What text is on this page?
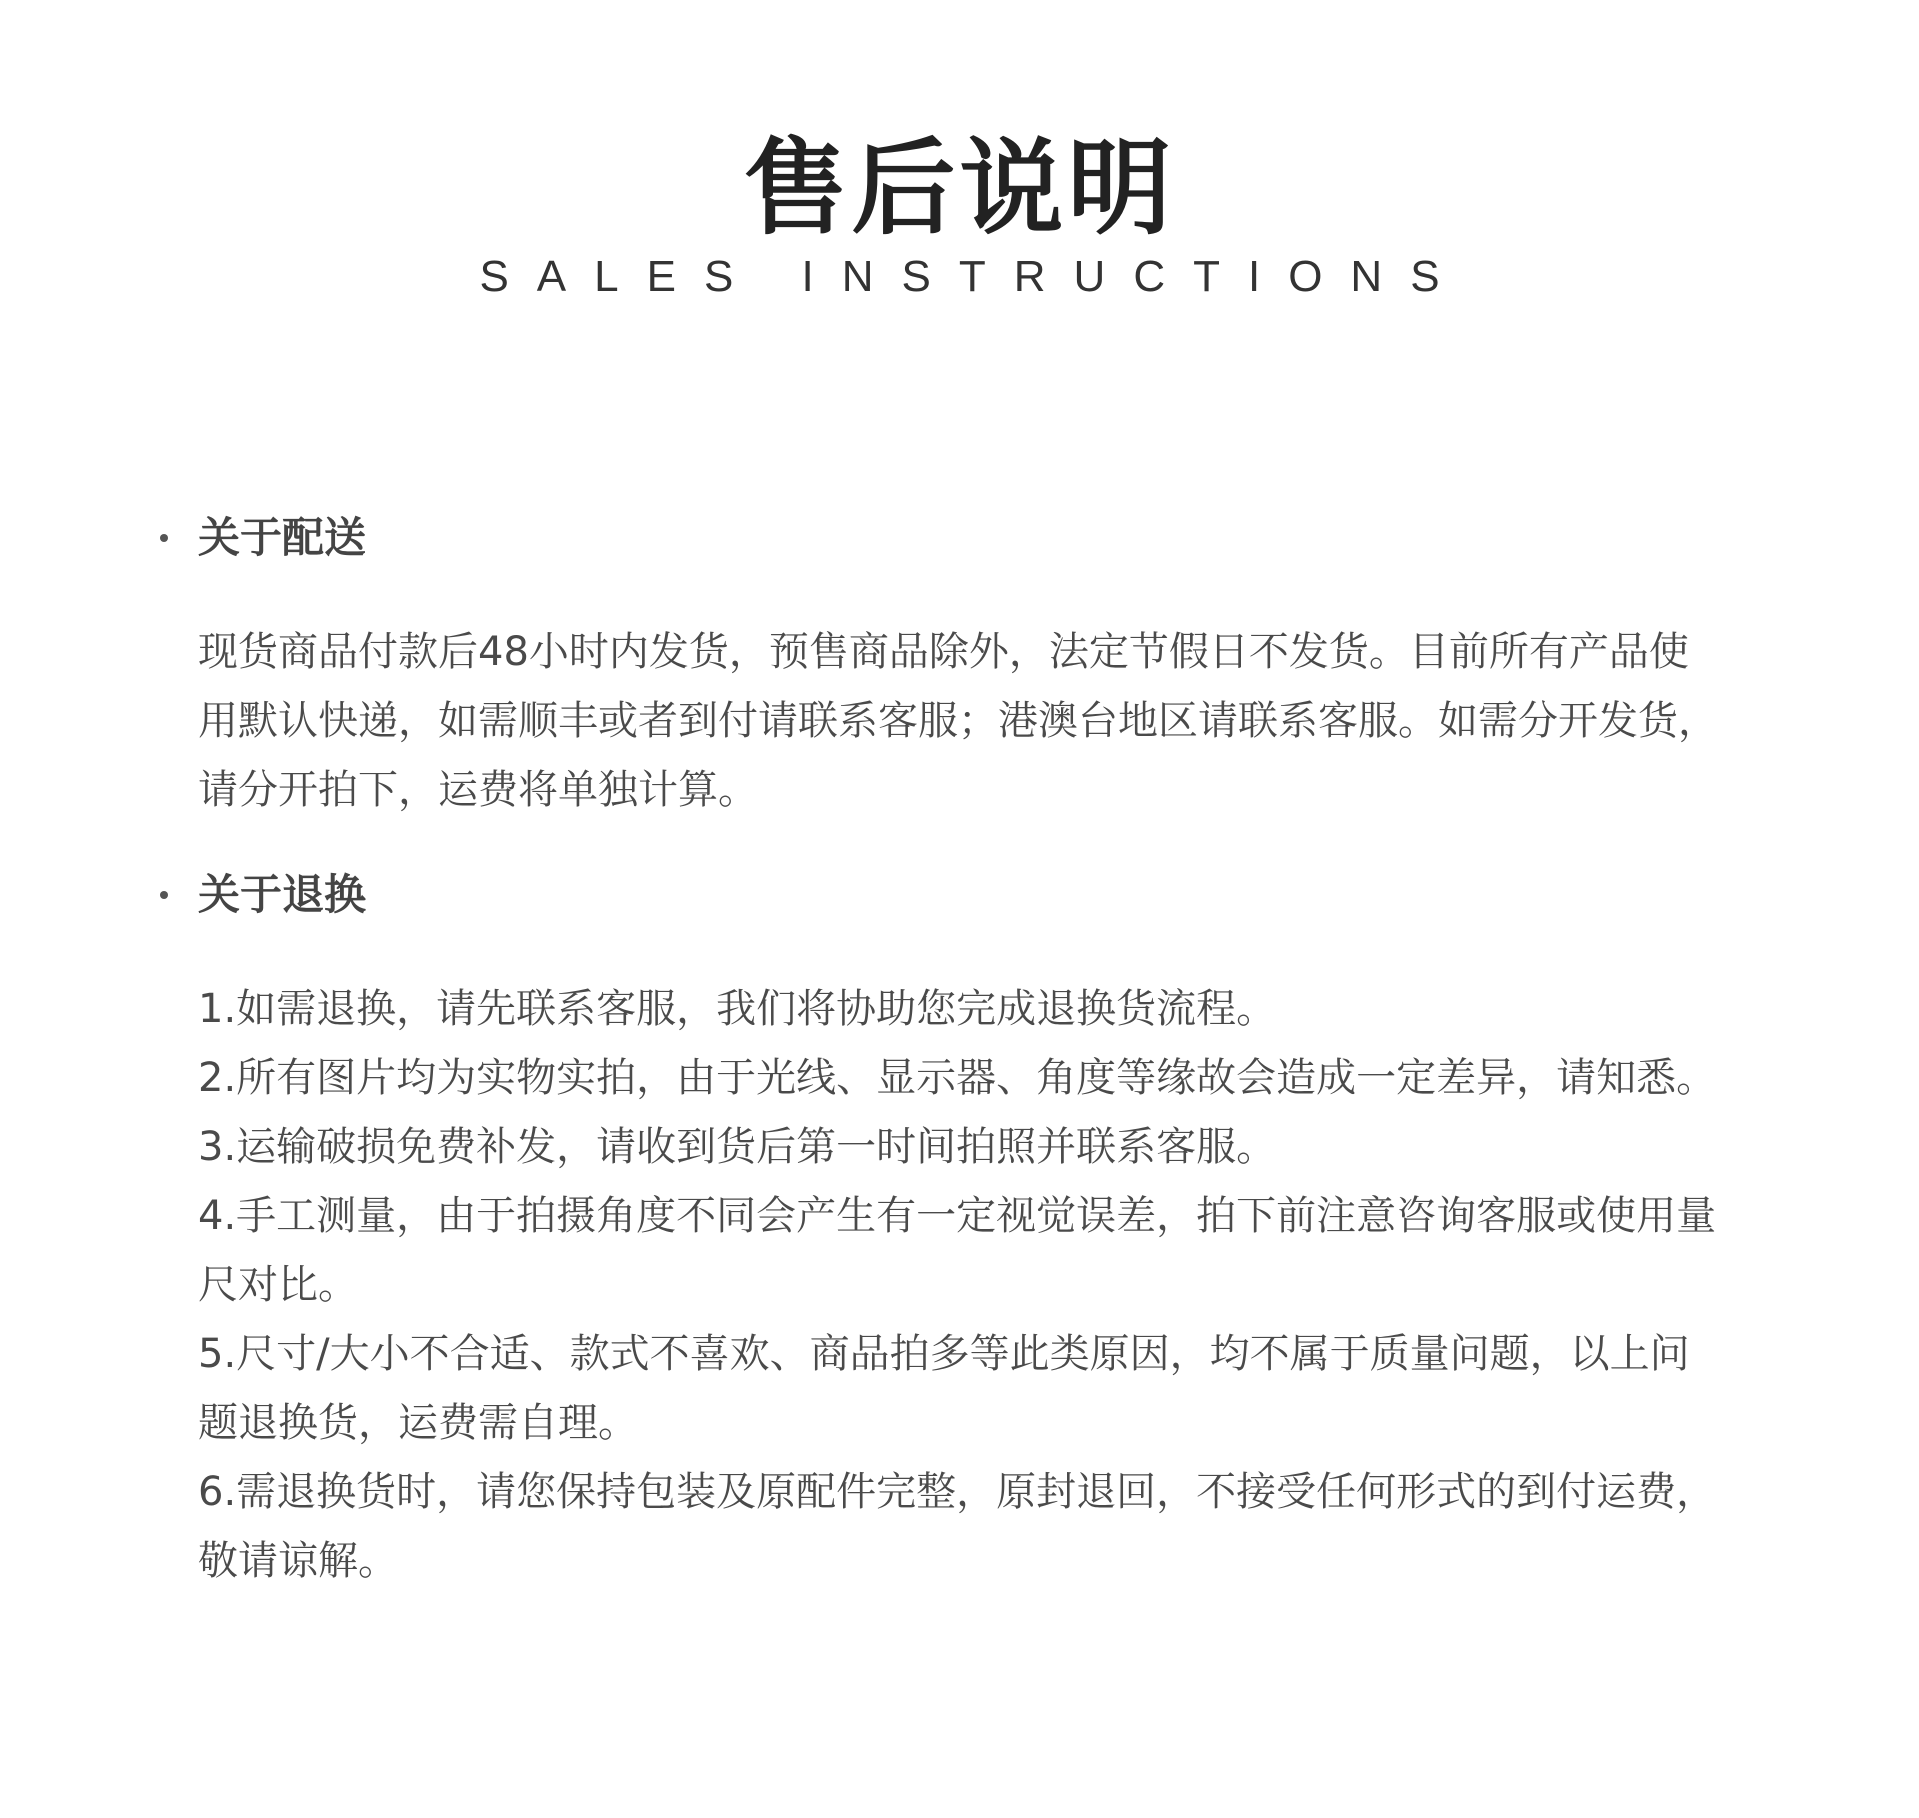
售后说明
SALES INSTRUCTIONS
关于配送
现货商品付款后48小时内发货，预售商品除外，法定节假日不发货。目前所有产品使用默认快递，如需顺丰或者到付请联系客服；港澳台地区请联系客服。如需分开发货，请分开拍下，运费将单独计算。
关于退换
1.如需退换，请先联系客服，我们将协助您完成退换货流程。
2.所有图片均为实物实拍，由于光线、显示器、角度等缘故会造成一定差异，请知悉。
3.运输破损免费补发，请收到货后第一时间拍照并联系客服。
4.手工测量，由于拍摄角度不同会产生有一定视觉误差，拍下前注意咨询客服或使用量尺对比。
5.尺寸/大小不合适、款式不喜欢、商品拍多等此类原因，均不属于质量问题，以上问题退换货，运费需自理。
6.需退换货时，请您保持包装及原配件完整，原封退回，不接受任何形式的到付运费，敬请谅解。
